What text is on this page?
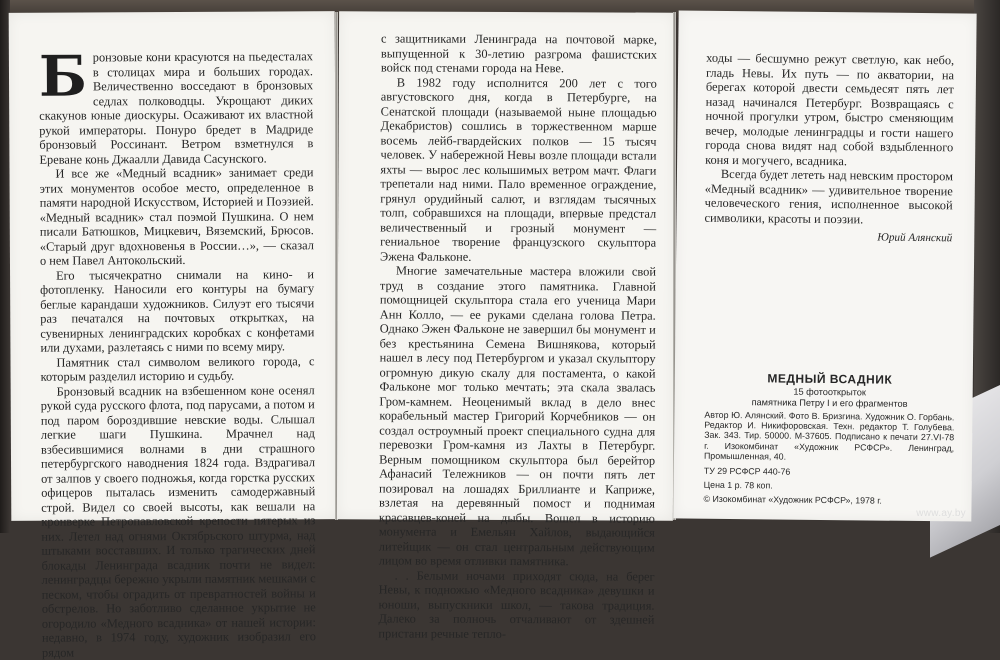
Б ронзовые кони красуются на пьедесталах в столицах мира и больших городах. Величественно восседают в бронзовых седлах полководцы. Укрощают диких скакунов юные диоскуры. Осаживают их властной рукой императоры. Понуро бредет в Мадриде бронзовый Россинант. Ветром взметнулся в Ереване конь Джаалли Давида Сасунского.

И все же «Медный всадник» занимает среди этих монументов особое место, определенное в памяти народной Искусством, Историей и Поэзией. «Медный всадник» стал поэмой Пушкина. О нем писали Батюшков, Мицкевич, Вяземский, Брюсов. «Старый друг вдохновенья в России…», — сказал о нем Павел Антокольский.

Его тысячекратно снимали на кино- и фотопленку. Наносили его контуры на бумагу беглые карандаши художников. Силуэт его тысячи раз печатался на почтовых открытках, на сувенирных ленинградских коробках с конфетами или духами, разлетаясь с ними по всему миру.

Памятник стал символом великого города, с которым разделил историю и судьбу.

Бронзовый всадник на взбешенном коне осенял рукой суда русского флота, под парусами, а потом и под паром бороздившие невские воды. Слышал легкие шаги Пушкина. Мрачнел над взбесившимися волнами в дни страшного петербургского наводнения 1824 года. Вздрагивал от залпов у своего подножья, когда горстка русских офицеров пыталась изменить самодержавный строй. Видел со своей высоты, как вешали на кронверке Петропавловской крепости пятерых из них. Летел над огнями Октябрьского штурма, над штыками восставших. И только трагических дней блокады Ленинграда всадник почти не видел: ленинградцы бережно укрыли памятник мешками с песком, чтобы оградить от превратностей войны и обстрелов. Но заботливо сделанное укрытие не огородило «Медного всадника» от нашей истории: недавно, в 1974 году, художник изобразил его рядом

с защитниками Ленинграда на почтовой марке, выпущенной к 30-летию разгрома фашистских войск под стенами города на Неве.

В 1982 году исполнится 200 лет с того августовского дня, когда в Петербурге, на Сенатской площади (называемой ныне площадью Декабристов) сошлись в торжественном марше восемь лейб-гвардейских полков — 15 тысяч человек. У набережной Невы возле площади встали яхты — вырос лес колышимых ветром мачт. Флаги трепетали над ними. Пало временное ограждение, грянул орудийный салют, и взглядам тысячных толп, собравшихся на площади, впервые предстал величественный и грозный монумент — гениальное творение французского скульптора Эжена Фальконе.

Многие замечательные мастера вложили свой труд в создание этого памятника. Главной помощницей скульптора стала его ученица Мари Анн Колло, — ее руками сделана голова Петра. Однако Эжен Фальконе не завершил бы монумент и без крестьянина Семена Вишнякова, который нашел в лесу под Петербургом и указал скульптору огромную дикую скалу для постамента, о какой Фальконе мог только мечтать; эта скала звалась Гром-камнем. Неоценимый вклад в дело внес корабельный мастер Григорий Корчебников — он создал остроумный проект специального судна для перевозки Гром-камня из Лахты в Петербург. Верным помощником скульптора был берейтор Афанасий Тележников — он почти пять лет позировал на лошадях Бриллианте и Каприже, взлетая на деревянный помост и поднимая красавцев-коней на дыбы. Вошел в историю монумента и Емельян Хайлов, выдающийся литейщик — он стал центральным действующим лицом во время отливки памятника.

. . Белыми ночами приходят сюда, на берег Невы, к подножью «Медного всадника» девушки и юноши, выпускники школ, — такова традиция. Далеко за полночь отчаливают от здешней пристани речные тепло-

ходы — бесшумно режут светлую, как небо, гладь Невы. Их путь — по акватории, на берегах которой двести семьдесят пять лет назад начинался Петербург. Возвращаясь с ночной прогулки утром, быстро сменяющим вечер, молодые ленинградцы и гости нашего города снова видят над собой вздыбленного коня и могучего, всадника.

Всегда будет лететь над невским простором «Медный всадник» — удивительное творение человеческого гения, исполненное высокой символики, красоты и поэзии.

Юрий Алянский
МЕДНЫЙ ВСАДНИК
15 фотооткрыток
памятника Петру I и его фрагментов
Автор Ю. Алянский. Фото В. Бризгина. Художник О. Горбань. Редактор И. Никифоровская. Техн. редактор Т. Голубева. Зак. 343. Тир. 50000. М-37605. Подписано к печати 27.VI-78 г. Изокомбинат «Художник РСФСР». Ленинград, Промышленная, 40.
ТУ 29 РСФСР 440-76
Цена 1 р. 78 коп.
© Изокомбинат «Художник РСФСР», 1978 г.
www.ay.by
